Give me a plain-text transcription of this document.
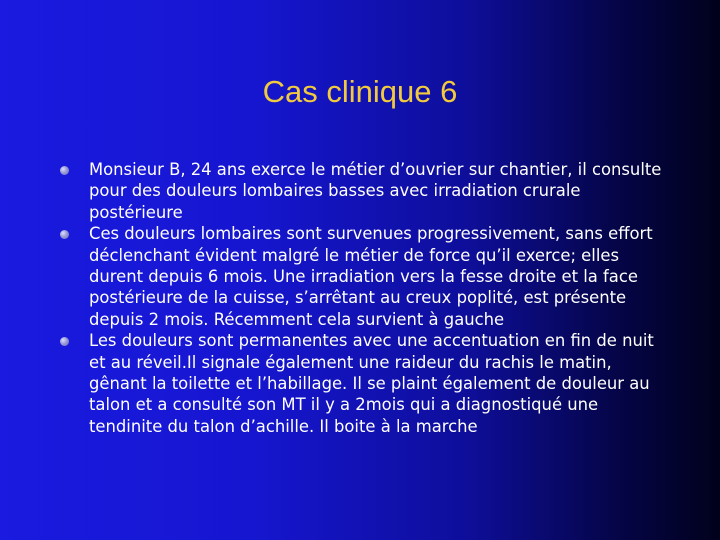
Cas clinique 6
Monsieur B, 24 ans exerce le métier d’ouvrier sur chantier, il consulte pour des douleurs lombaires basses avec irradiation crurale postérieure
Ces douleurs lombaires sont survenues progressivement, sans effort déclenchant évident malgré le métier de force qu’il exerce; elles durent depuis 6 mois. Une irradiation vers la fesse droite et la face postérieure de la cuisse, s’arrêtant au creux poplité, est présente depuis 2 mois. Récemment cela survient à gauche
Les douleurs sont permanentes avec une accentuation en fin de nuit et au réveil.Il signale également une raideur du rachis le matin, gênant la toilette et l’habillage. Il se plaint également de douleur au talon et a consulté son MT il y a 2mois qui a diagnostiqué une tendinite du talon d’achille. Il boite à la marche
